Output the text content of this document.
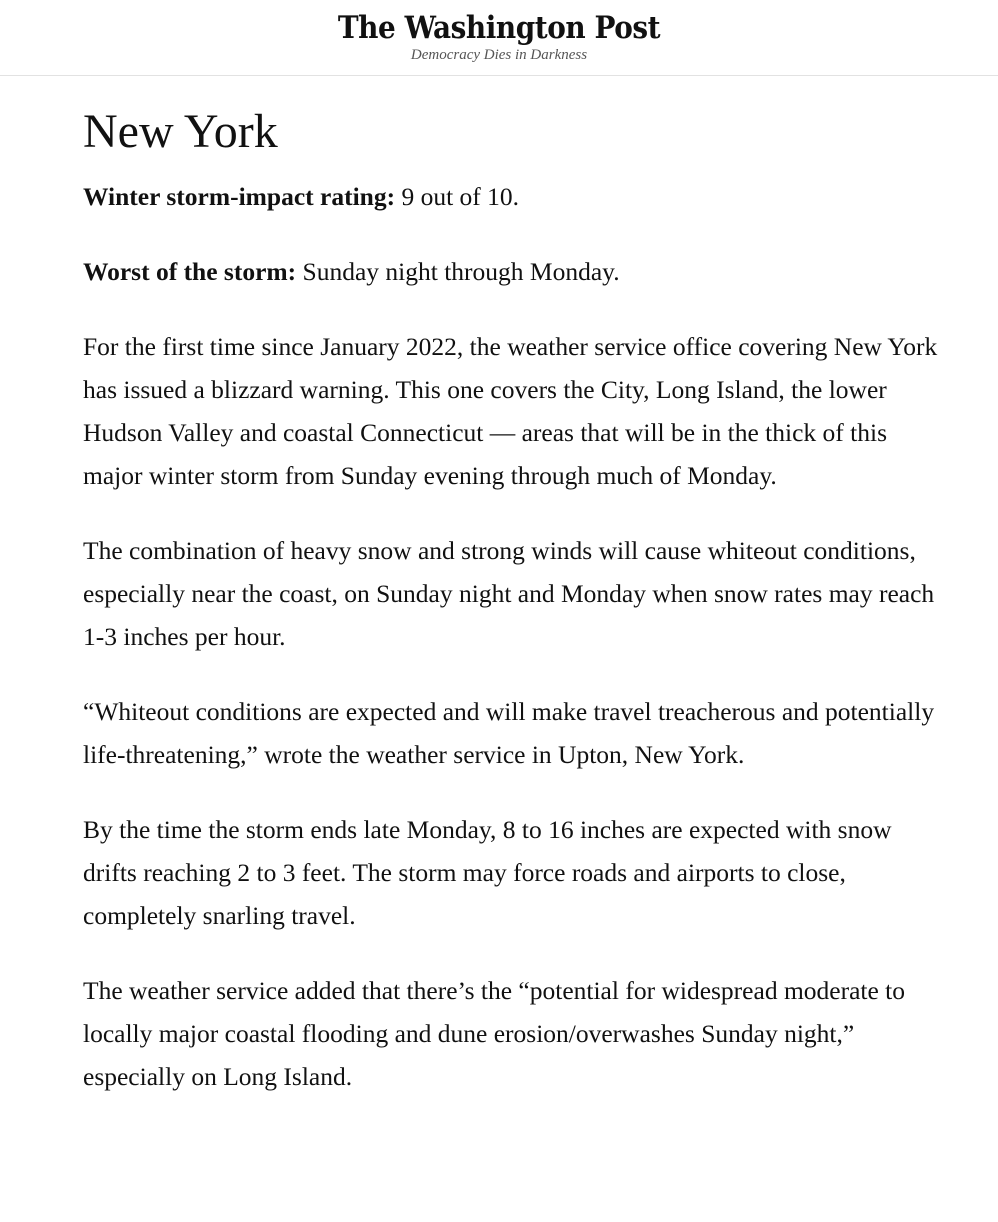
The Washington Post
Democracy Dies in Darkness
New York

Winter storm-impact rating: 9 out of 10.

Worst of the storm: Sunday night through Monday.

For the first time since January 2022, the weather service office covering New York has issued a blizzard warning. This one covers the City, Long Island, the lower Hudson Valley and coastal Connecticut — areas that will be in the thick of this major winter storm from Sunday evening through much of Monday.

The combination of heavy snow and strong winds will cause whiteout conditions, especially near the coast, on Sunday night and Monday when snow rates may reach 1-3 inches per hour.

“Whiteout conditions are expected and will make travel treacherous and potentially life-threatening,” wrote the weather service in Upton, New York.

By the time the storm ends late Monday, 8 to 16 inches are expected with snow drifts reaching 2 to 3 feet. The storm may force roads and airports to close, completely snarling travel.

The weather service added that there’s the “potential for widespread moderate to locally major coastal flooding and dune erosion/overwashes Sunday night,” especially on Long Island.
